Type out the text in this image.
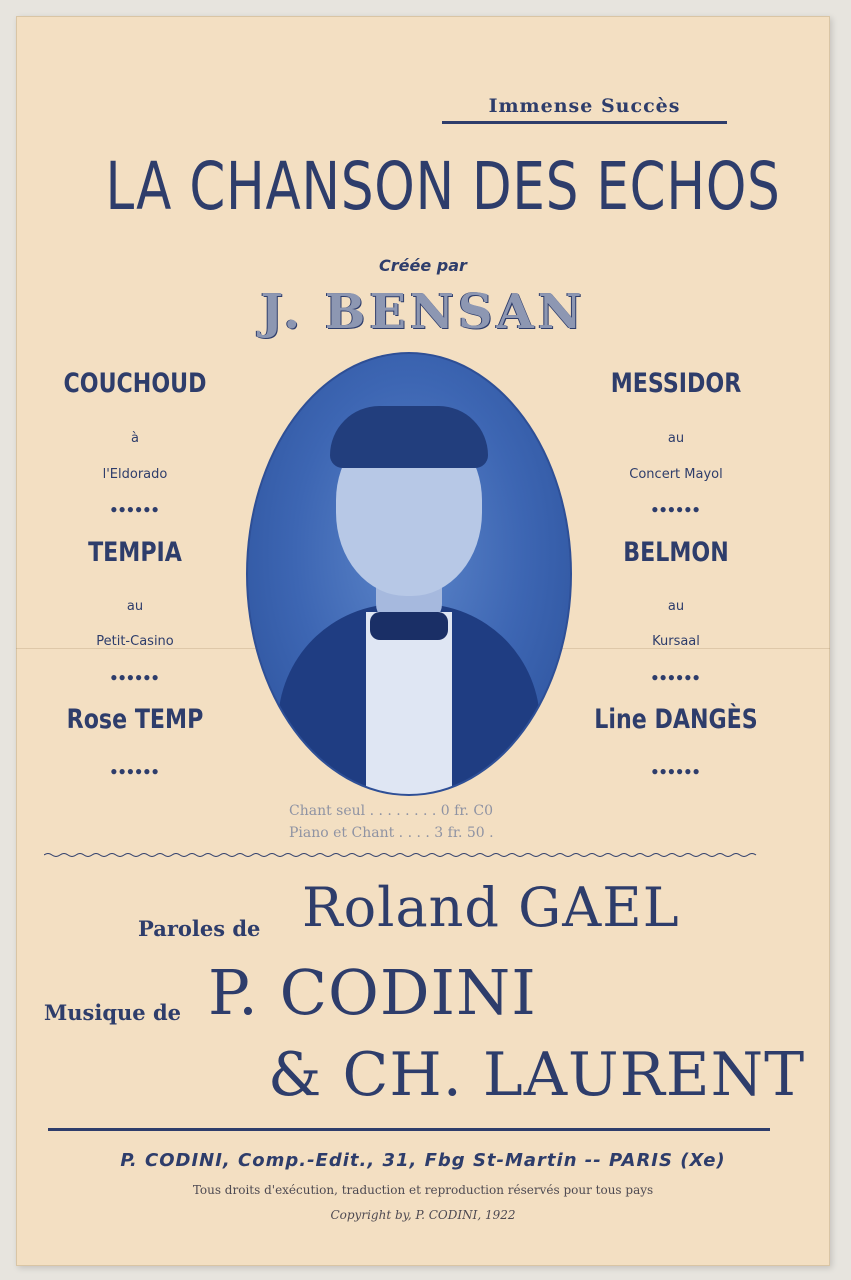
Immense Succès
LA CHANSON DES ECHOS
Créée par
J. BENSAN
COUCHOUD
à
l'Eldorado
●●●●●●
TEMPIA
au
Petit-Casino
●●●●●●
Rose TEMP
●●●●●●
MESSIDOR
au
Concert Mayol
●●●●●●
BELMON
au
Kursaal
●●●●●●
Line DANGÈS
●●●●●●
Chant seul . . . . . . . . 0 fr. C0
Piano et Chant . . . . 3 fr. 50 .
Paroles de Roland GAEL
Musique de P. CODINI
& CH. LAURENT
P. CODINI, Comp.-Edit., 31, Fbg St-Martin -- PARIS (Xe)
Tous droits d'exécution, traduction et reproduction réservés pour tous pays
Copyright by, P. CODINI, 1922
